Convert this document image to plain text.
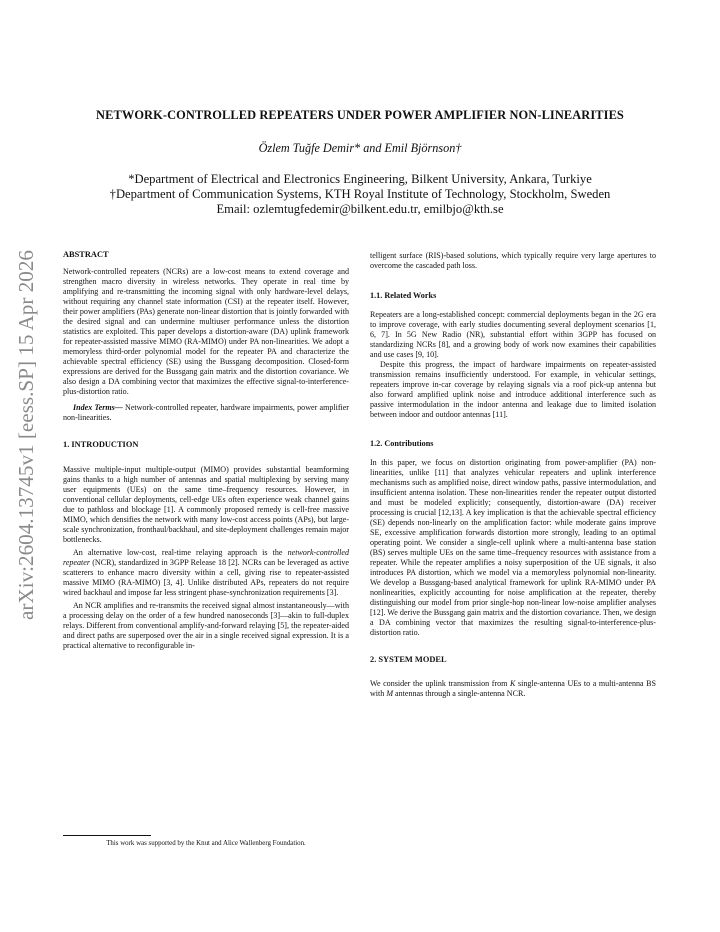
arXiv:2604.13745v1 [eess.SP] 15 Apr 2026
NETWORK-CONTROLLED REPEATERS UNDER POWER AMPLIFIER NON-LINEARITIES
Özlem Tuğfe Demir* and Emil Björnson†
*Department of Electrical and Electronics Engineering, Bilkent University, Ankara, Turkiye
†Department of Communication Systems, KTH Royal Institute of Technology, Stockholm, Sweden
Email: ozlemtugfedemir@bilkent.edu.tr, emilbjo@kth.se

ABSTRACT

Network-controlled repeaters (NCRs) are a low-cost means to extend coverage and strengthen macro diversity in wireless networks. They operate in real time by amplifying and re-transmitting the incoming signal with only hardware-level delays, without requiring any channel state information (CSI) at the repeater itself. However, their power amplifiers (PAs) generate non-linear distortion that is jointly forwarded with the desired signal and can undermine multiuser performance unless the distortion statistics are exploited. This paper develops a distortion-aware (DA) uplink framework for repeater-assisted massive MIMO (RA-MIMO) under PA non-linearities. We adopt a memoryless third-order polynomial model for the repeater PA and characterize the achievable spectral efficiency (SE) using the Bussgang decomposition. Closed-form expressions are derived for the Bussgang gain matrix and the distortion covariance. We also design a DA combining vector that maximizes the effective signal-to-interference-plus-distortion ratio.

Index Terms— Network-controlled repeater, hardware impairments, power amplifier non-linearities.

1. INTRODUCTION

Massive multiple-input multiple-output (MIMO) provides substantial beamforming gains thanks to a high number of antennas and spatial multiplexing by serving many user equipments (UEs) on the same time–frequency resources. However, in conventional cellular deployments, cell-edge UEs often experience weak channel gains due to pathloss and blockage [1]. A commonly proposed remedy is cell-free massive MIMO, which densifies the network with many low-cost access points (APs), but large-scale synchronization, fronthaul/backhaul, and site-deployment challenges remain major bottlenecks.

An alternative low-cost, real-time relaying approach is the network-controlled repeater (NCR), standardized in 3GPP Release 18 [2]. NCRs can be leveraged as active scatterers to enhance macro diversity within a cell, giving rise to repeater-assisted massive MIMO (RA-MIMO) [3, 4]. Unlike distributed APs, repeaters do not require wired backhaul and impose far less stringent phase-synchronization requirements [3].

An NCR amplifies and re-transmits the received signal almost instantaneously—with a processing delay on the order of a few hundred nanoseconds [3]—akin to full-duplex relays. Different from conventional amplify-and-forward relaying [5], the repeater-aided and direct paths are superposed over the air in a single received signal expression. It is a practical alternative to reconfigurable in-

telligent surface (RIS)-based solutions, which typically require very large apertures to overcome the cascaded path loss.

1.1. Related Works

Repeaters are a long-established concept: commercial deployments began in the 2G era to improve coverage, with early studies documenting several deployment scenarios [1, 6, 7]. In 5G New Radio (NR), substantial effort within 3GPP has focused on standardizing NCRs [8], and a growing body of work now examines their capabilities and use cases [9, 10].

Despite this progress, the impact of hardware impairments on repeater-assisted transmission remains insufficiently understood. For example, in vehicular settings, repeaters improve in-car coverage by relaying signals via a roof pick-up antenna but also forward amplified uplink noise and introduce additional interference such as passive intermodulation in the indoor antenna and leakage due to limited isolation between indoor and outdoor antennas [11].

1.2. Contributions

In this paper, we focus on distortion originating from power-amplifier (PA) non-linearities, unlike [11] that analyzes vehicular repeaters and uplink interference mechanisms such as amplified noise, direct window paths, passive intermodulation, and insufficient antenna isolation. These non-linearities render the repeater output distorted and must be modeled explicitly; consequently, distortion-aware (DA) receiver processing is crucial [12,13]. A key implication is that the achievable spectral efficiency (SE) depends non-linearly on the amplification factor: while moderate gains improve SE, excessive amplification forwards distortion more strongly, leading to an optimal operating point. We consider a single-cell uplink where a multi-antenna base station (BS) serves multiple UEs on the same time–frequency resources with assistance from a repeater. While the repeater amplifies a noisy superposition of the UE signals, it also introduces PA distortion, which we model via a memoryless polynomial non-linearity. We develop a Bussgang-based analytical framework for uplink RA-MIMO under PA nonlinearities, explicitly accounting for noise amplification at the repeater, thereby distinguishing our model from prior single-hop non-linear low-noise amplifier analyses [12]. We derive the Bussgang gain matrix and the distortion covariance. Then, we design a DA combining vector that maximizes the resulting signal-to-interference-plus-distortion ratio.

2. SYSTEM MODEL

We consider the uplink transmission from K single-antenna UEs to a multi-antenna BS with M antennas through a single-antenna NCR.

This work was supported by the Knut and Alice Wallenberg Foundation.
